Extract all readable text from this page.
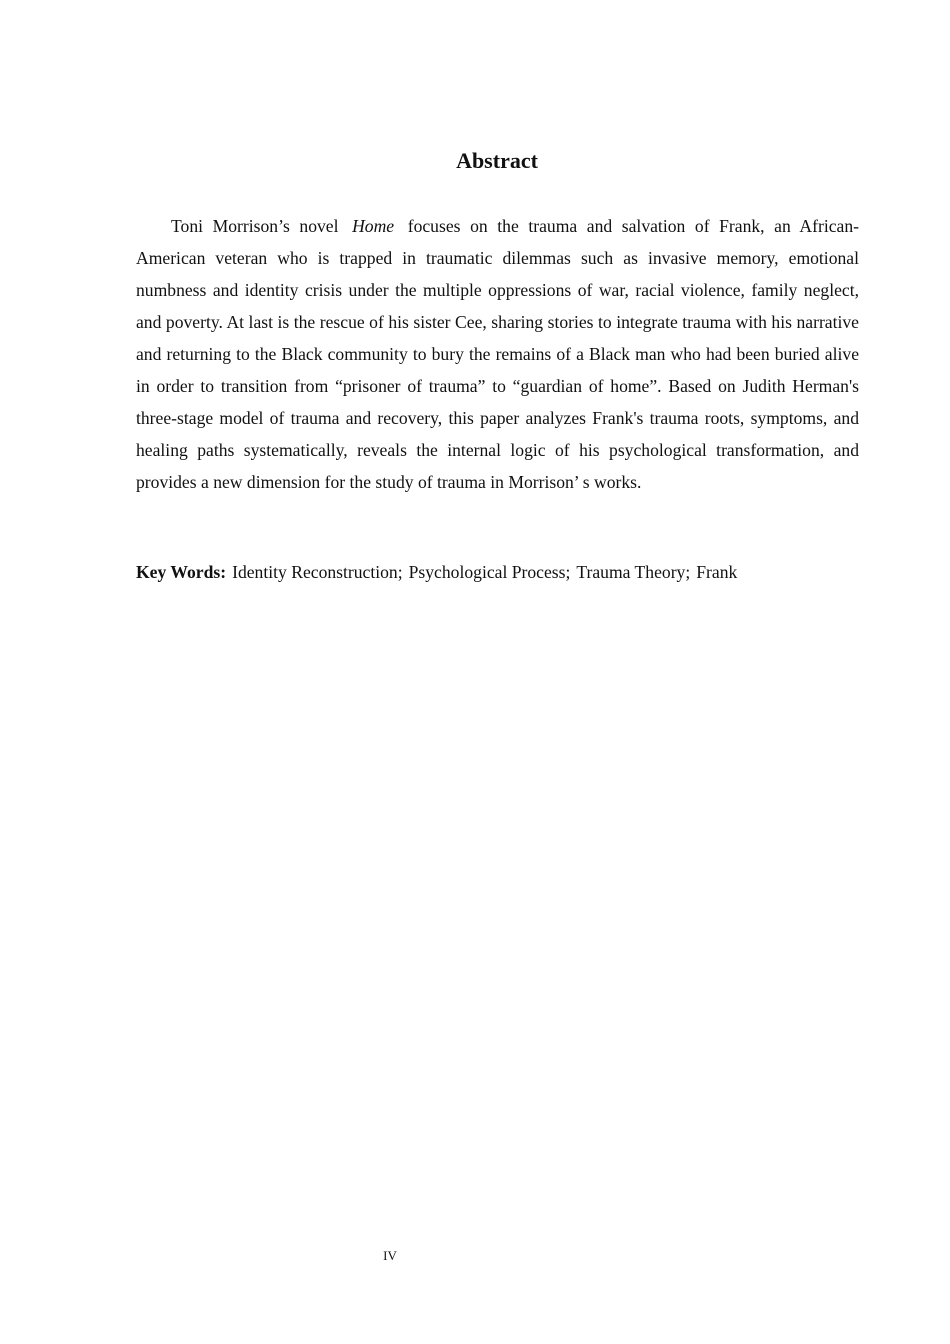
Abstract

Toni Morrison’s novel Home focuses on the trauma and salvation of Frank, an African-American veteran who is trapped in traumatic dilemmas such as invasive memory, emotional numbness and identity crisis under the multiple oppressions of war, racial violence, family neglect, and poverty. At last is the rescue of his sister Cee, sharing stories to integrate trauma with his narrative and returning to the Black community to bury the remains of a Black man who had been buried alive in order to transition from “prisoner of trauma” to “guardian of home”. Based on Judith Herman's three-stage model of trauma and recovery, this paper analyzes Frank's trauma roots, symptoms, and healing paths systematically, reveals the internal logic of his psychological transformation, and provides a new dimension for the study of trauma in Morrison’ s works.

Key Words: Identity Reconstruction; Psychological Process; Trauma Theory; Frank

IV
